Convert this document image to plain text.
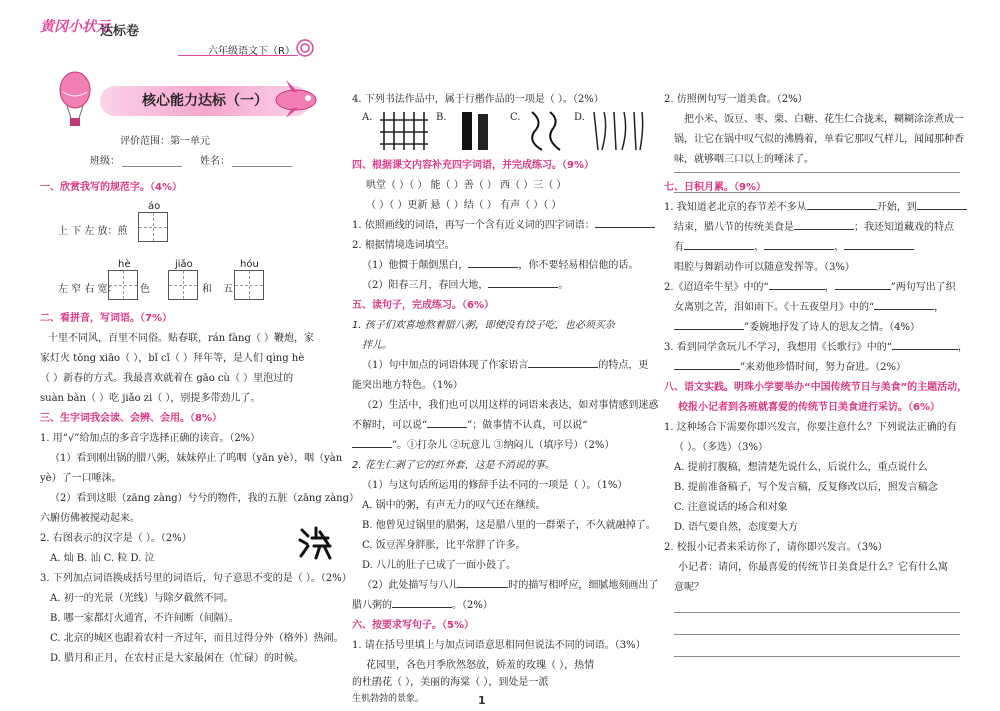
黄冈小状元
达标卷
六年级语文下（R）
核心能力达标（一）
评价范围：第一单元
班级：	姓名：
一、欣赏我写的规范字。（4%）
áo
上 下 左 放：煎
hè	jiǎo	hóu
左 窄 右 宽： 色	和 五
二、看拼音，写词语。（7%）
十里不同风，百里不同俗。贴春联，rán fàng（ ）鞭炮，家
家灯火 tōng xiāo（ ），bǐ cǐ（ ）拜年等，是人们 qìng hè
（ ）新春的方式。我最喜欢就着在 gāo cù（ ）里泡过的
suàn bàn（ ）吃 jiǎo zi（ ），别提多带劲儿了。
三、生字词我会读、会辨、会用。（8%）
1. 用“√”给加点的多音字选择正确的读音。（2%）
（1）看到刚出锅的腊八粥，妹妹停止了呜咽（yān yè），咽（yàn
yè）了一口唾沫。
（2）看到这眼（zāng zàng）兮兮的物件，我的五脏（zāng zàng）
六腑仿佛被搅动起来。
2. 右图表示的汉字是（ ）。（2%）
A. 灿 B. 汕 C. 粒 D. 泣
3. 下列加点词语换成括号里的词语后，句子意思不变的是（ ）。（2%）
A. 初一的光景（光线）与除夕截然不同。
B. 哪一家都灯火通宵，不许间断（间隔）。
C. 北京的城区也跟着农村一齐过年，而且过得分外（格外）热闹。
D. 腊月和正月，在农村正是大家最闲在（忙碌）的时候。
4. 下列书法作品中，属于行楷作品的一项是（ ）。（2%）
A.	B.	C.	D.
四、根据课文内容补充四字词语，并完成练习。（9%）
哄堂（ ）（ ） 能（ ）善（ ） 西（ ）三（ ）
（ ）（ ）更新 悬（ ）结（ ） 有声（ ）（ ）
1. 依照画线的词语，再写一个含有近义词的四字词语：
2. 根据情境选词填空。
（1）他惯于颠倒黑白，	，你不要轻易相信他的话。
（2）阳春三月，春回大地，	。
五、读句子，完成练习。（6%）
1. 孩子们欢喜地熬着腊八粥，即使没有饺子吃，也必须买杂
拌儿。
（1）句中加点的词语体现了作家语言	的特点，更
能突出地方特色。（1%）
（2）生活中，我们也可以用这样的词语来表达，如对事情感到迷惑
不解时，可以说“	”；做事情不认真，可以说“
”。①打杂儿 ②玩意儿 ③纳闷儿（填序号）（2%）
2. 花生仁剥了它的红外套，这是不消说的事。
（1）与这句话所运用的修辞手法不同的一项是（ ）。（1%）
A. 锅中的粥，有声无力的叹气还在继续。
B. 他曾见过锅里的腊粥，这是腊八里的一群栗子，不久就融掉了。
C. 饭豆浑身胖胀，比平常胖了许多。
D. 八儿的肚子已成了一面小鼓了。
（2）此处描写与八儿	时的描写相呼应，细腻地刻画出了
腊八粥的	。（2%）
六、按要求写句子。（5%）
1. 请在括号里填上与加点词语意思相同但说法不同的词语。（3%）
花园里，各色月季欣然怒放，娇羞的玫瑰（ ），热情
的杜鹃花（ ），美丽的海棠（ ），到处是一派
生机勃勃的景象。
2. 仿照例句写一道美食。（2%）
把小米、饭豆、枣、栗、白糖、花生仁合拢来，糊糊涂涂煮成一
锅，让它在锅中叹气似的沸腾着，单看它那叹气样儿，闻闻那种香
味，就够咽三口以上的唾沫了。
七、日积月累。（9%）
1. 我知道老北京的春节差不多从	开始，到
结束，腊八节的传统美食是	；我还知道藏戏的特点
有	、	、
唱腔与舞蹈动作可以随意发挥等。（3%）
2.《迢迢牵牛星》中的“	，	”两句写出了织
女离别之苦，泪如雨下。《十五夜望月》中的“	，
”委婉地抒发了诗人的思友之情。（4%）
3. 看到同学贪玩儿不学习，我想用《长歌行》中的“	，
”来劝他珍惜时间，努力奋进。（2%）
八、语文实践。明珠小学要举办“中国传统节日与美食”的主题活动，
校报小记者到各班就喜爱的传统节日美食进行采访。（6%）
1. 这种场合下需要你即兴发言，你要注意什么？下列说法正确的有
（ ）。（多选）（3%）
A. 提前打腹稿，想清楚先说什么，后说什么，重点说什么
B. 提前准备稿子，写个发言稿，反复修改以后，照发言稿念
C. 注意说话的场合和对象
D. 语气要自然，态度要大方
2. 校报小记者来采访你了，请你即兴发言。（3%）
小记者：请问，你最喜爱的传统节日美食是什么？它有什么寓
意呢？
1
